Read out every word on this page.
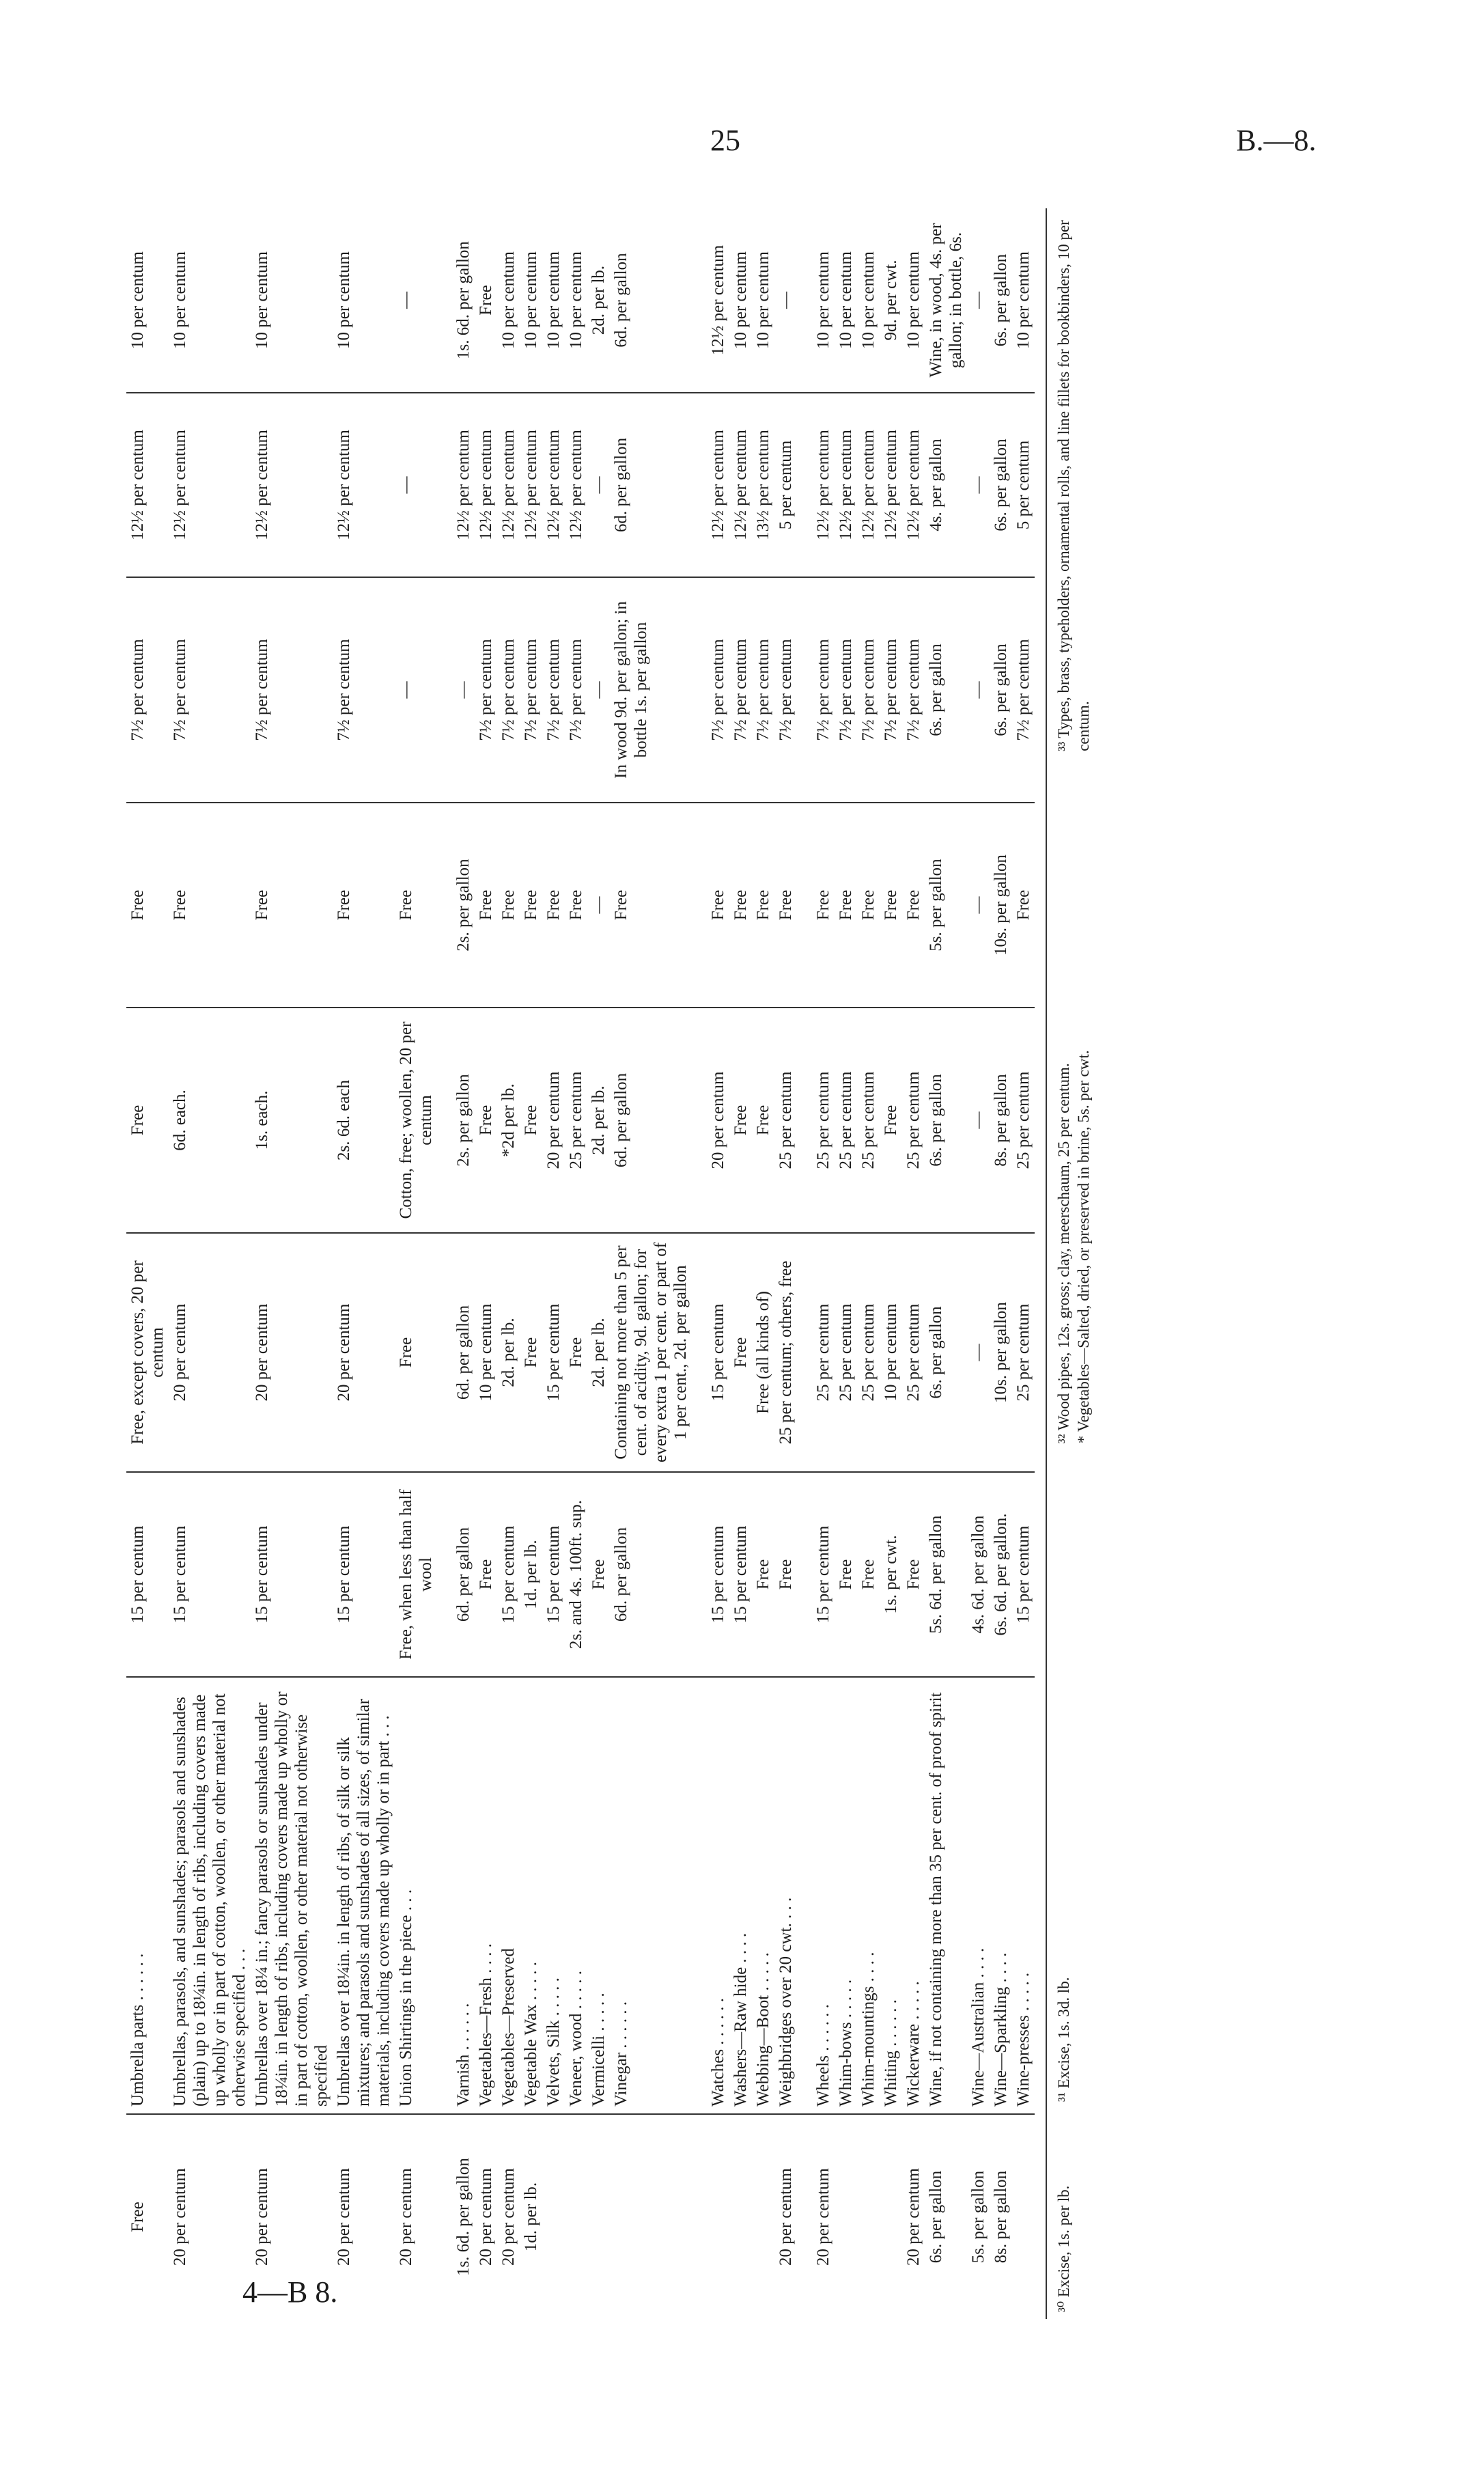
25	B.—8.
4—B 8.
Free	Umbrella parts . . . . . .	15 per centum	Free, except covers, 20 per centum	Free	Free	7½ per centum	12½ per centum	10 per centum
20 per centum	Umbrellas, parasols, and sunshades; parasols and sunshades (plain) up to 18¼in. in length of ribs, including covers made up wholly or in part of cotton, woollen, or other material not otherwise specified . . .	15 per centum	20 per centum	6d. each.	Free	7½ per centum	12½ per centum	10 per centum
20 per centum	Umbrellas over 18¼ in.; fancy parasols or sunshades under 18¼in. in length of ribs, including covers made up wholly or in part of cotton, woollen, or other material not otherwise specified	15 per centum	20 per centum	1s. each.	Free	7½ per centum	12½ per centum	10 per centum
20 per centum	Umbrellas over 18¼in. in length of ribs, of silk or silk mixtures; and parasols and sunshades of all sizes, of similar materials, including covers made up wholly or in part . . .	15 per centum	20 per centum	2s. 6d. each	Free	7½ per centum	12½ per centum	10 per centum
20 per centum	Union Shirtings in the piece . . .	Free, when less than half wool	Free	Cotton, free; woollen, 20 per centum	Free	—	—	—
1s. 6d. per gallon	Varnish . . . . . .	6d. per gallon	6d. per gallon	2s. per gallon	2s. per gallon	—	12½ per centum	1s. 6d. per gallon
20 per centum	Vegetables—Fresh . . . .	Free	10 per centum	Free	Free	7½ per centum	12½ per centum	Free
20 per centum	Vegetables—Preserved	15 per centum	2d. per lb.	*2d per lb.	Free	7½ per centum	12½ per centum	10 per centum
1d. per lb.	Vegetable Wax . . . . .	1d. per lb.	Free	Free	Free	7½ per centum	12½ per centum	10 per centum
	Velvets, Silk . . . . .	15 per centum	15 per centum	20 per centum	Free	7½ per centum	12½ per centum	10 per centum
	Veneer, wood . . . . .	2s. and 4s. 100ft. sup.	Free	25 per centum	Free	7½ per centum	12½ per centum	10 per centum
	Vermicelli . . . . .	Free	2d. per lb.	2d. per lb.	—	—	—	2d. per lb.
	Vinegar . . . . . .	6d. per gallon	Containing not more than 5 per cent. of acidity, 9d. gallon; for every extra 1 per cent. or part of 1 per cent., 2d. per gallon	6d. per gallon	Free	In wood 9d. per gallon; in bottle 1s. per gallon	6d. per gallon	6d. per gallon
	Watches . . . . . .	15 per centum	15 per centum	20 per centum	Free	7½ per centum	12½ per centum	12½ per centum
	Washers—Raw hide . . . .	15 per centum	Free	Free	Free	7½ per centum	12½ per centum	10 per centum
	Webbing—Boot . . . . .	Free	Free (all kinds of)	Free	Free	7½ per centum	13½ per centum	10 per centum
20 per centum	Weighbridges over 20 cwt. . . .	Free	25 per centum; others, free	25 per centum	Free	7½ per centum	5 per centum	—
20 per centum	Wheels . . . . . .	15 per centum	25 per centum	25 per centum	Free	7½ per centum	12½ per centum	10 per centum
	Whim-bows . . . . .	Free	25 per centum	25 per centum	Free	7½ per centum	12½ per centum	10 per centum
	Whim-mountings . . . .	Free	25 per centum	25 per centum	Free	7½ per centum	12½ per centum	10 per centum
	Whiting . . . . . .	1s. per cwt.	10 per centum	Free	Free	7½ per centum	12½ per centum	9d. per cwt.
20 per centum	Wickerware . . . . .	Free	25 per centum	25 per centum	Free	7½ per centum	12½ per centum	10 per centum
6s. per gallon	Wine, if not containing more than 35 per cent. of proof spirit	5s. 6d. per gallon	6s. per gallon	6s. per gallon	5s. per gallon	6s. per gallon	4s. per gallon	Wine, in wood, 4s. per gallon; in bottle, 6s.
5s. per gallon	Wine—Australian . . . .	4s. 6d. per gallon	—	—	—	—	—	—
8s. per gallon	Wine—Sparkling . . . .	6s. 6d. per gallon.	10s. per gallon	8s. per gallon	10s. per gallon	6s. per gallon	6s. per gallon	6s. per gallon
	Wine-presses . . . . .	15 per centum	25 per centum	25 per centum	Free	7½ per centum	5 per centum	10 per centum
³⁰ Excise, 1s. per lb.
³¹ Excise, 1s. 3d. lb.
³² Wood pipes, 12s. gross; clay, meerschaum, 25 per centum.
* Vegetables—Salted, dried, or preserved in brine, 5s. per cwt.
³³ Types, brass, typeholders, ornamental rolls, and line fillets for bookbinders, 10 per centum.
